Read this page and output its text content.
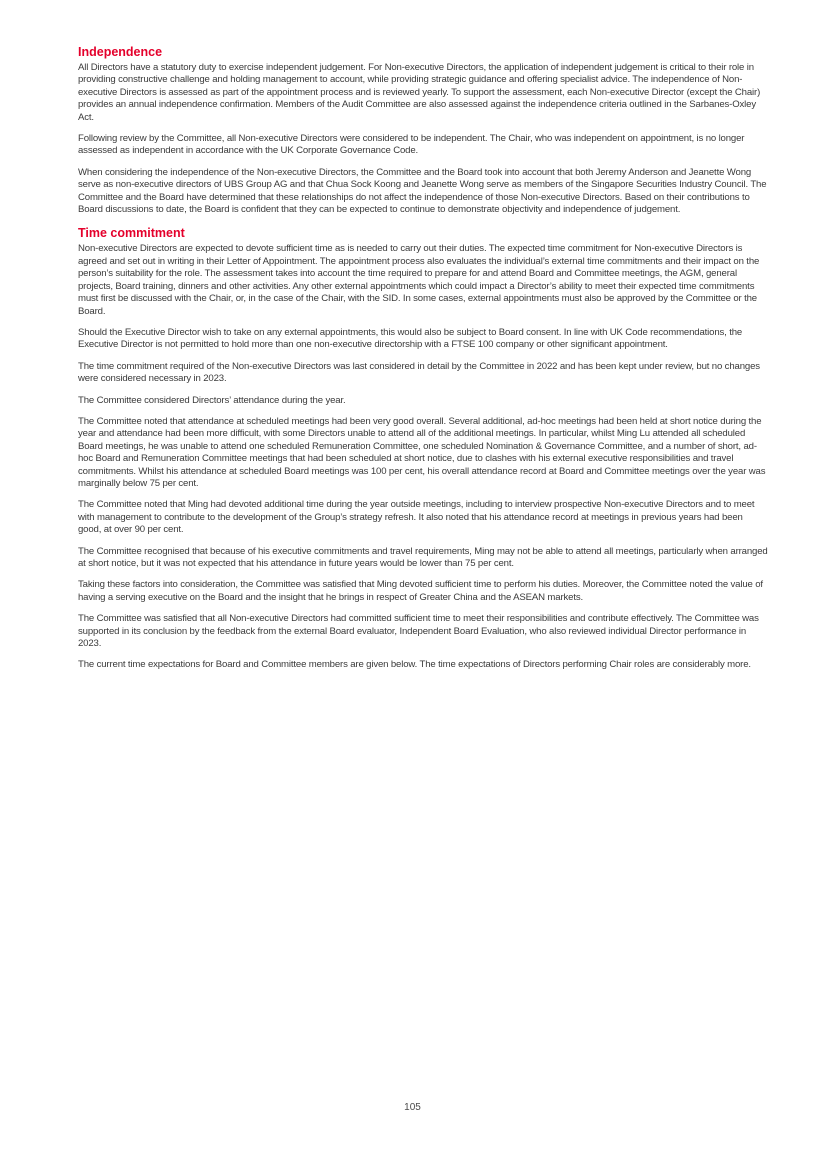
Independence

All Directors have a statutory duty to exercise independent judgement. For Non-executive Directors, the application of independent judgement is critical to their role in providing constructive challenge and holding management to account, while providing strategic guidance and offering specialist advice. The independence of Non-executive Directors is assessed as part of the appointment process and is reviewed yearly. To support the assessment, each Non-executive Director (except the Chair) provides an annual independence confirmation. Members of the Audit Committee are also assessed against the independence criteria outlined in the Sarbanes-Oxley Act.

Following review by the Committee, all Non-executive Directors were considered to be independent. The Chair, who was independent on appointment, is no longer assessed as independent in accordance with the UK Corporate Governance Code.

When considering the independence of the Non-executive Directors, the Committee and the Board took into account that both Jeremy Anderson and Jeanette Wong serve as non-executive directors of UBS Group AG and that Chua Sock Koong and Jeanette Wong serve as members of the Singapore Securities Industry Council. The Committee and the Board have determined that these relationships do not affect the independence of those Non-executive Directors. Based on their contributions to Board discussions to date, the Board is confident that they can be expected to continue to demonstrate objectivity and independence of judgement.

Time commitment

Non-executive Directors are expected to devote sufficient time as is needed to carry out their duties. The expected time commitment for Non-executive Directors is agreed and set out in writing in their Letter of Appointment. The appointment process also evaluates the individual’s external time commitments and their impact on the person’s suitability for the role. The assessment takes into account the time required to prepare for and attend Board and Committee meetings, the AGM, general projects, Board training, dinners and other activities. Any other external appointments which could impact a Director’s ability to meet their expected time commitments must first be discussed with the Chair, or, in the case of the Chair, with the SID. In some cases, external appointments must also be approved by the Committee or the Board.

Should the Executive Director wish to take on any external appointments, this would also be subject to Board consent. In line with UK Code recommendations, the Executive Director is not permitted to hold more than one non-executive directorship with a FTSE 100 company or other significant appointment.

The time commitment required of the Non-executive Directors was last considered in detail by the Committee in 2022 and has been kept under review, but no changes were considered necessary in 2023.

The Committee considered Directors’ attendance during the year.

The Committee noted that attendance at scheduled meetings had been very good overall. Several additional, ad-hoc meetings had been held at short notice during the year and attendance had been more difficult, with some Directors unable to attend all of the additional meetings. In particular, whilst Ming Lu attended all scheduled Board meetings, he was unable to attend one scheduled Remuneration Committee, one scheduled Nomination & Governance Committee, and a number of short, ad-hoc Board and Remuneration Committee meetings that had been scheduled at short notice, due to clashes with his external executive responsibilities and travel commitments. Whilst his attendance at scheduled Board meetings was 100 per cent, his overall attendance record at Board and Committee meetings over the year was marginally below 75 per cent.

The Committee noted that Ming had devoted additional time during the year outside meetings, including to interview prospective Non-executive Directors and to meet with management to contribute to the development of the Group’s strategy refresh. It also noted that his attendance record at meetings in previous years had been good, at over 90 per cent.

The Committee recognised that because of his executive commitments and travel requirements, Ming may not be able to attend all meetings, particularly when arranged at short notice, but it was not expected that his attendance in future years would be lower than 75 per cent.

Taking these factors into consideration, the Committee was satisfied that Ming devoted sufficient time to perform his duties. Moreover, the Committee noted the value of having a serving executive on the Board and the insight that he brings in respect of Greater China and the ASEAN markets.

The Committee was satisfied that all Non-executive Directors had committed sufficient time to meet their responsibilities and contribute effectively. The Committee was supported in its conclusion by the feedback from the external Board evaluator, Independent Board Evaluation, who also reviewed individual Director performance in 2023.

The current time expectations for Board and Committee members are given below. The time expectations of Directors performing Chair roles are considerably more.

105
